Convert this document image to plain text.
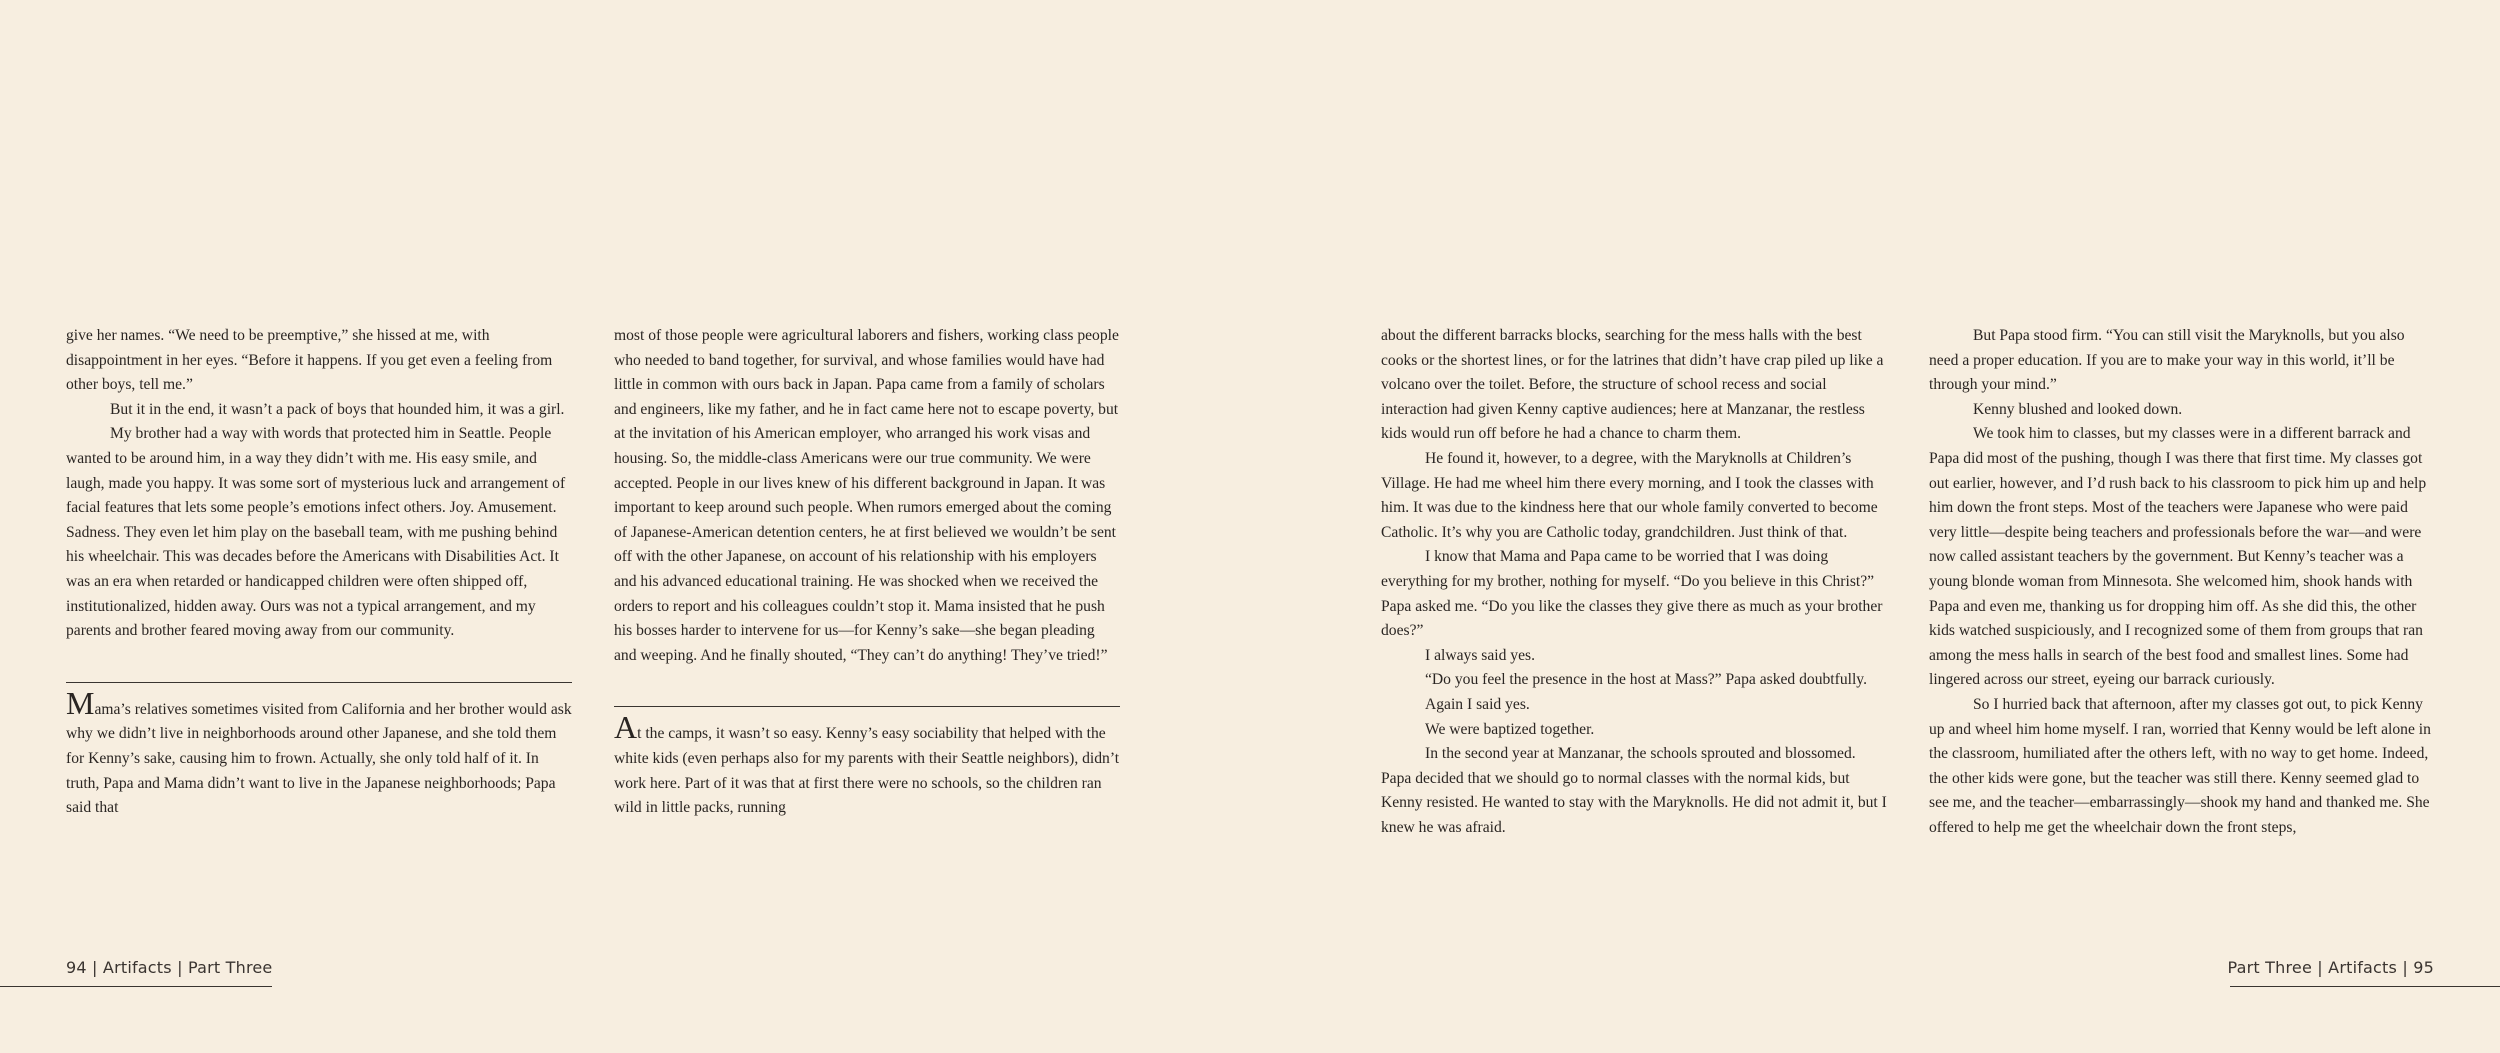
give her names. “We need to be preemptive,” she hissed at me, with disappointment in her eyes. “Before it happens. If you get even a feeling from other boys, tell me.”

But it in the end, it wasn’t a pack of boys that hounded him, it was a girl.

My brother had a way with words that protected him in Seattle. People wanted to be around him, in a way they didn’t with me. His easy smile, and laugh, made you happy. It was some sort of mysterious luck and arrangement of facial features that lets some people’s emotions infect others. Joy. Amusement. Sadness. They even let him play on the baseball team, with me pushing behind his wheelchair. This was decades before the Americans with Disabilities Act. It was an era when retarded or handicapped children were often shipped off, institutionalized, hidden away. Ours was not a typical arrangement, and my parents and brother feared moving away from our community.

Mama’s relatives sometimes visited from California and her brother would ask why we didn’t live in neighborhoods around other Japanese, and she told them for Kenny’s sake, causing him to frown. Actually, she only told half of it. In truth, Papa and Mama didn’t want to live in the Japanese neighborhoods; Papa said that

most of those people were agricultural laborers and fishers, working class people who needed to band together, for survival, and whose families would have had little in common with ours back in Japan. Papa came from a family of scholars and engineers, like my father, and he in fact came here not to escape poverty, but at the invitation of his American employer, who arranged his work visas and housing. So, the middle-class Americans were our true community. We were accepted. People in our lives knew of his different background in Japan. It was important to keep around such people. When rumors emerged about the coming of Japanese-American detention centers, he at first believed we wouldn’t be sent off with the other Japanese, on account of his relationship with his employers and his advanced educational training. He was shocked when we received the orders to report and his colleagues couldn’t stop it. Mama insisted that he push his bosses harder to intervene for us—for Kenny’s sake—she began pleading and weeping. And he finally shouted, “They can’t do anything! They’ve tried!”

At the camps, it wasn’t so easy. Kenny’s easy sociability that helped with the white kids (even perhaps also for my parents with their Seattle neighbors), didn’t work here. Part of it was that at first there were no schools, so the children ran wild in little packs, running

94 | Artifacts | Part Three

about the different barracks blocks, searching for the mess halls with the best cooks or the shortest lines, or for the latrines that didn’t have crap piled up like a volcano over the toilet. Before, the structure of school recess and social interaction had given Kenny captive audiences; here at Manzanar, the restless kids would run off before he had a chance to charm them.

He found it, however, to a degree, with the Maryknolls at Children’s Village. He had me wheel him there every morning, and I took the classes with him. It was due to the kindness here that our whole family converted to become Catholic. It’s why you are Catholic today, grandchildren. Just think of that.

I know that Mama and Papa came to be worried that I was doing everything for my brother, nothing for myself. “Do you believe in this Christ?” Papa asked me. “Do you like the classes they give there as much as your brother does?”

I always said yes.

“Do you feel the presence in the host at Mass?” Papa asked doubtfully.

Again I said yes.

We were baptized together.

In the second year at Manzanar, the schools sprouted and blossomed. Papa decided that we should go to normal classes with the normal kids, but Kenny resisted. He wanted to stay with the Maryknolls. He did not admit it, but I knew he was afraid.

But Papa stood firm. “You can still visit the Maryknolls, but you also need a proper education. If you are to make your way in this world, it’ll be through your mind.”

Kenny blushed and looked down.

We took him to classes, but my classes were in a different barrack and Papa did most of the pushing, though I was there that first time. My classes got out earlier, however, and I’d rush back to his classroom to pick him up and help him down the front steps. Most of the teachers were Japanese who were paid very little—despite being teachers and professionals before the war—and were now called assistant teachers by the government. But Kenny’s teacher was a young blonde woman from Minnesota. She welcomed him, shook hands with Papa and even me, thanking us for dropping him off. As she did this, the other kids watched suspiciously, and I recognized some of them from groups that ran among the mess halls in search of the best food and smallest lines. Some had lingered across our street, eyeing our barrack curiously.

So I hurried back that afternoon, after my classes got out, to pick Kenny up and wheel him home myself. I ran, worried that Kenny would be left alone in the classroom, humiliated after the others left, with no way to get home. Indeed, the other kids were gone, but the teacher was still there. Kenny seemed glad to see me, and the teacher—embarrassingly—shook my hand and thanked me. She offered to help me get the wheelchair down the front steps,

Part Three | Artifacts | 95
